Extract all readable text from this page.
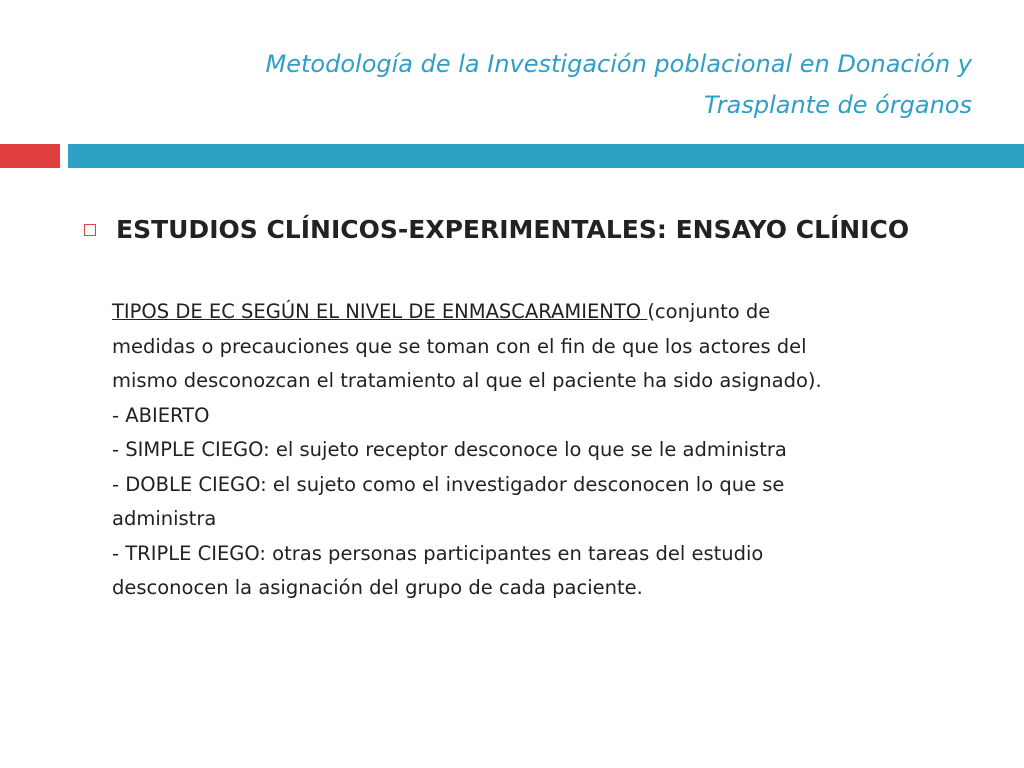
Metodología de la Investigación poblacional en Donación y
Trasplante de órganos
ESTUDIOS CLÍNICOS-EXPERIMENTALES: ENSAYO CLÍNICO
TIPOS DE EC SEGÚN EL NIVEL DE ENMASCARAMIENTO (conjunto de
medidas o precauciones que se toman con el fin de que los actores del
mismo desconozcan el tratamiento al que el paciente ha sido asignado).
- ABIERTO
- SIMPLE CIEGO: el sujeto receptor desconoce lo que se le administra
- DOBLE CIEGO: el sujeto como el investigador desconocen lo que se
administra
- TRIPLE CIEGO: otras personas participantes en tareas del estudio
desconocen la asignación del grupo de cada paciente.
